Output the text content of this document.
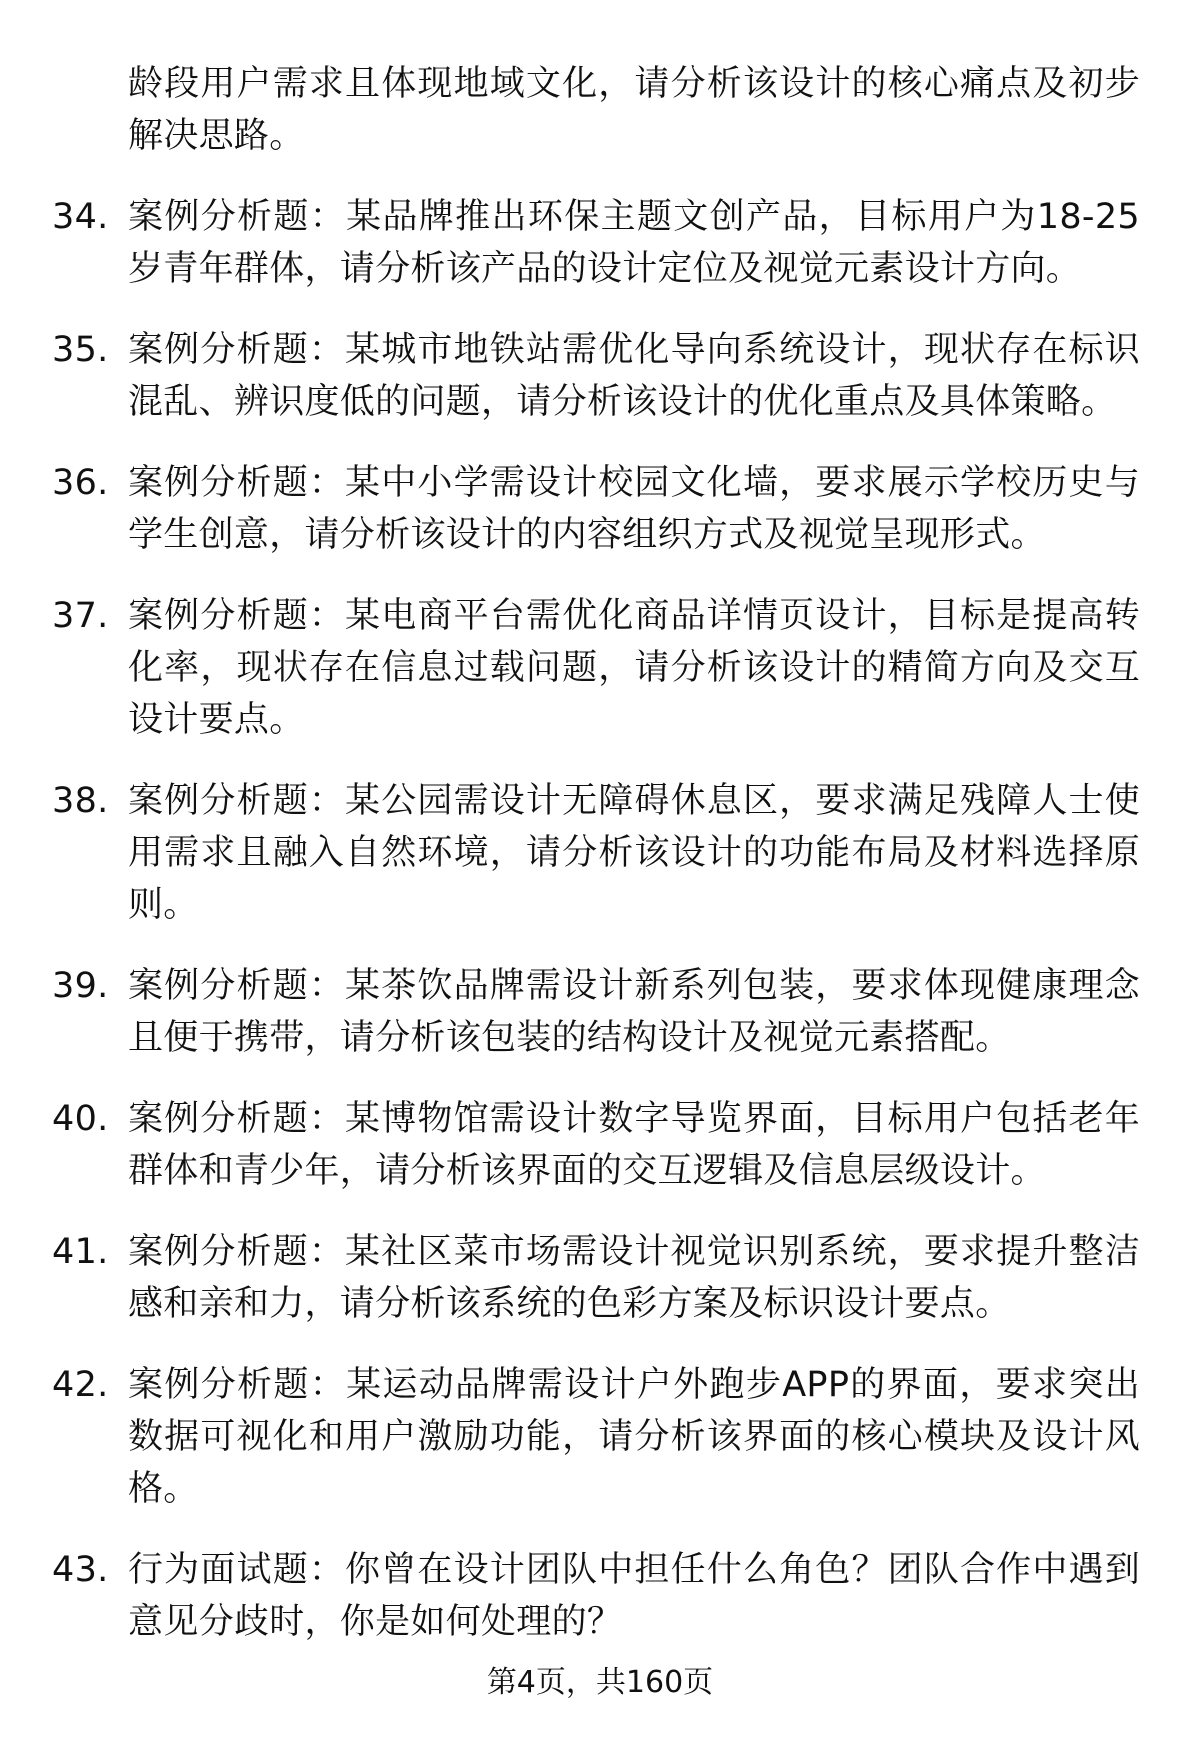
龄段用户需求且体现地域文化，请分析该设计的核心痛点及初步解决思路。
34. 案例分析题：某品牌推出环保主题文创产品，目标用户为18-25岁青年群体，请分析该产品的设计定位及视觉元素设计方向。
35. 案例分析题：某城市地铁站需优化导向系统设计，现状存在标识混乱、辨识度低的问题，请分析该设计的优化重点及具体策略。
36. 案例分析题：某中小学需设计校园文化墙，要求展示学校历史与学生创意，请分析该设计的内容组织方式及视觉呈现形式。
37. 案例分析题：某电商平台需优化商品详情页设计，目标是提高转化率，现状存在信息过载问题，请分析该设计的精简方向及交互设计要点。
38. 案例分析题：某公园需设计无障碍休息区，要求满足残障人士使用需求且融入自然环境，请分析该设计的功能布局及材料选择原则。
39. 案例分析题：某茶饮品牌需设计新系列包装，要求体现健康理念且便于携带，请分析该包装的结构设计及视觉元素搭配。
40. 案例分析题：某博物馆需设计数字导览界面，目标用户包括老年群体和青少年，请分析该界面的交互逻辑及信息层级设计。
41. 案例分析题：某社区菜市场需设计视觉识别系统，要求提升整洁感和亲和力，请分析该系统的色彩方案及标识设计要点。
42. 案例分析题：某运动品牌需设计户外跑步APP的界面，要求突出数据可视化和用户激励功能，请分析该界面的核心模块及设计风格。
43. 行为面试题：你曾在设计团队中担任什么角色？团队合作中遇到意见分歧时，你是如何处理的？
第4页，共160页
